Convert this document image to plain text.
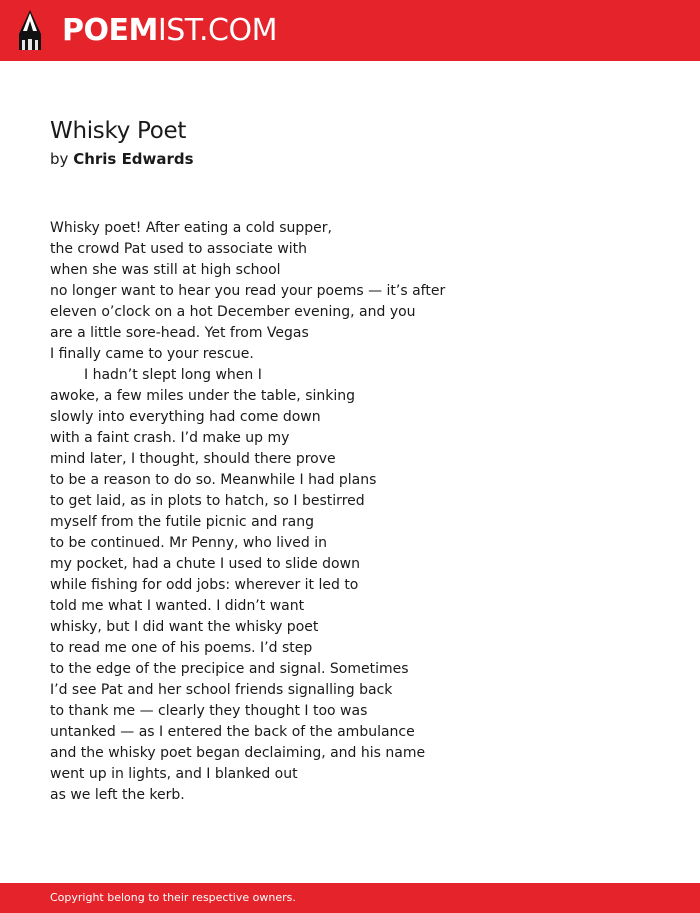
POEMIST.COM
Whisky Poet
by Chris Edwards
Whisky poet! After eating a cold supper,
the crowd Pat used to associate with
when she was still at high school
no longer want to hear you read your poems — it’s after
eleven o’clock on a hot December evening, and you
are a little sore-head. Yet from Vegas
I finally came to your rescue.
I hadn’t slept long when I
awoke, a few miles under the table, sinking
slowly into everything had come down
with a faint crash. I’d make up my
mind later, I thought, should there prove
to be a reason to do so. Meanwhile I had plans
to get laid, as in plots to hatch, so I bestirred
myself from the futile picnic and rang
to be continued. Mr Penny, who lived in
my pocket, had a chute I used to slide down
while fishing for odd jobs: wherever it led to
told me what I wanted. I didn’t want
whisky, but I did want the whisky poet
to read me one of his poems. I’d step
to the edge of the precipice and signal. Sometimes
I’d see Pat and her school friends signalling back
to thank me — clearly they thought I too was
untanked — as I entered the back of the ambulance
and the whisky poet began declaiming, and his name
went up in lights, and I blanked out
as we left the kerb.
Copyright belong to their respective owners.
